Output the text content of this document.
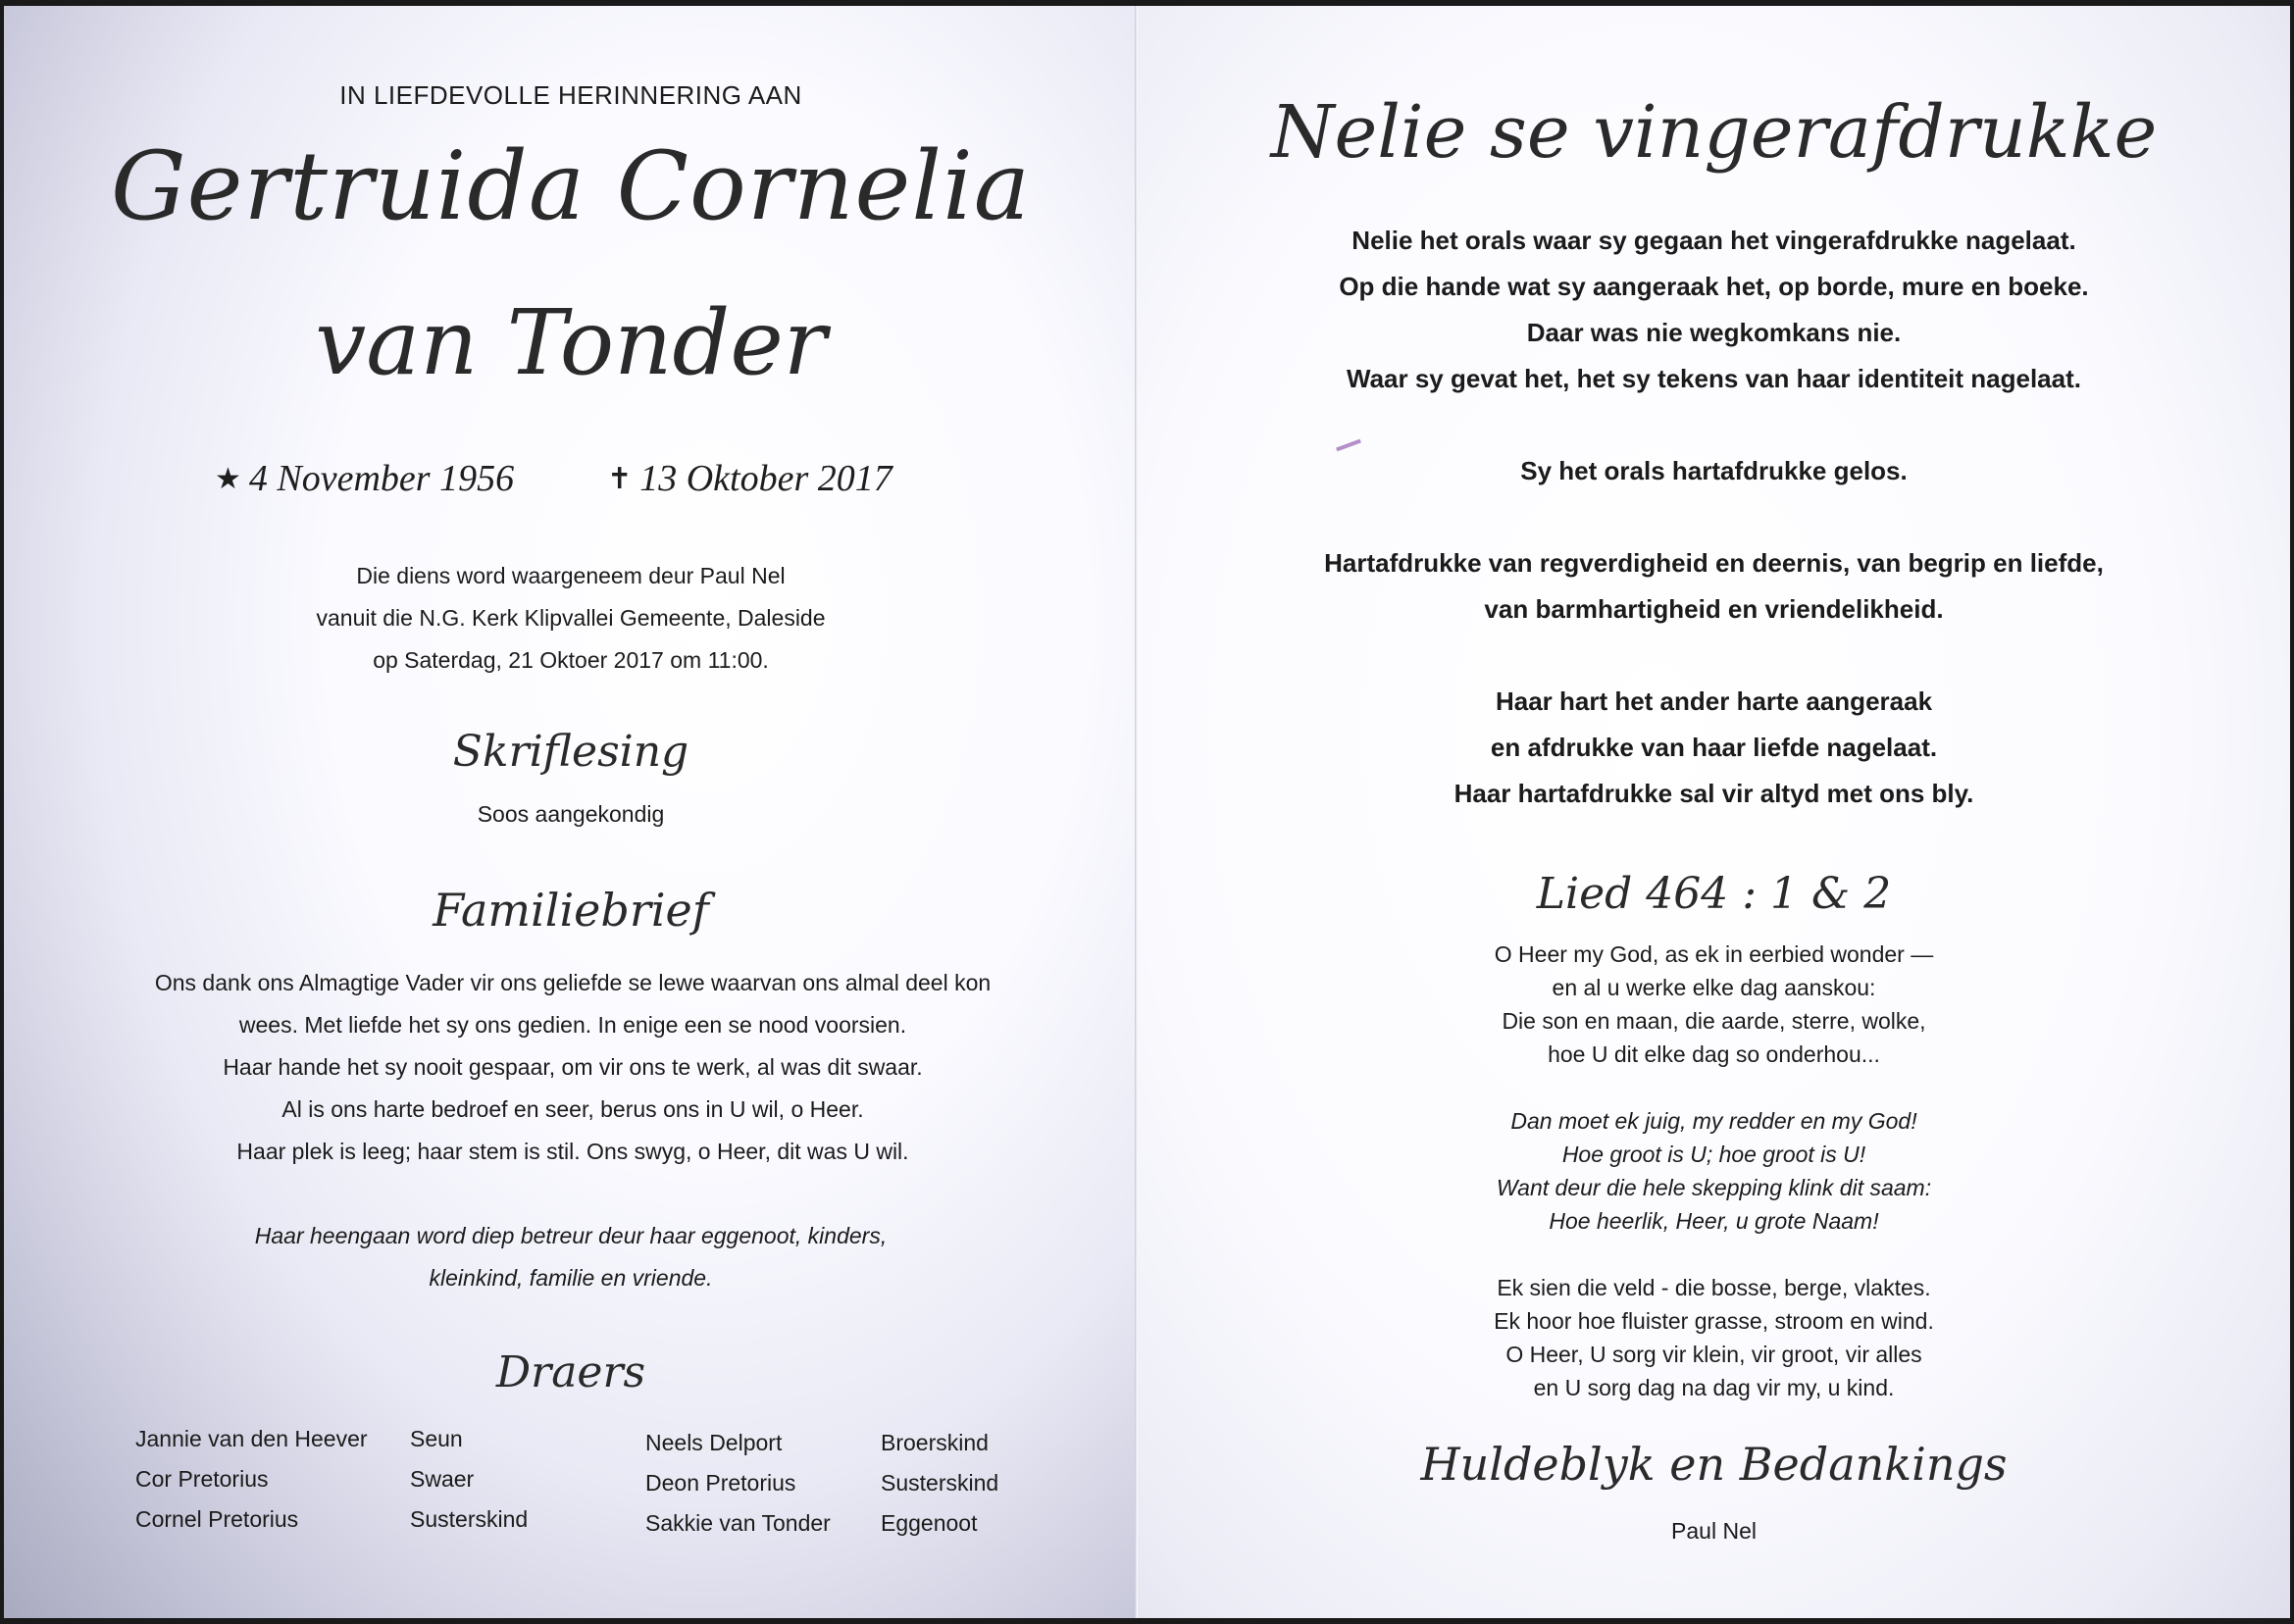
IN LIEFDEVOLLE HERINNERING AAN
Gertruida Cornelia
van Tonder
★ 4 November 1956	✝ 13 Oktober 2017
Die diens word waargeneem deur Paul Nel
vanuit die N.G. Kerk Klipvallei Gemeente, Daleside
op Saterdag, 21 Oktoer 2017 om 11:00.
Skriflesing
Soos aangekondig
Familiebrief
Ons dank ons Almagtige Vader vir ons geliefde se lewe waarvan ons almal deel kon
wees. Met liefde het sy ons gedien. In enige een se nood voorsien.
Haar hande het sy nooit gespaar, om vir ons te werk, al was dit swaar.
Al is ons harte bedroef en seer, berus ons in U wil, o Heer.
Haar plek is leeg; haar stem is stil. Ons swyg, o Heer, dit was U wil.
Haar heengaan word diep betreur deur haar eggenoot, kinders,
kleinkind, familie en vriende.
Draers
Jannie van den Heever
Cor Pretorius
Cornel Pretorius
Seun
Swaer
Susterskind
Neels Delport
Deon Pretorius
Sakkie van Tonder
Broerskind
Susterskind
Eggenoot
Nelie se vingerafdrukke
Nelie het orals waar sy gegaan het vingerafdrukke nagelaat.
Op die hande wat sy aangeraak het, op borde, mure en boeke.
Daar was nie wegkomkans nie.
Waar sy gevat het, het sy tekens van haar identiteit nagelaat.
Sy het orals hartafdrukke gelos.
Hartafdrukke van regverdigheid en deernis, van begrip en liefde,
van barmhartigheid en vriendelikheid.
Haar hart het ander harte aangeraak
en afdrukke van haar liefde nagelaat.
Haar hartafdrukke sal vir altyd met ons bly.
Lied 464 : 1 & 2
O Heer my God, as ek in eerbied wonder —
en al u werke elke dag aanskou:
Die son en maan, die aarde, sterre, wolke,
hoe U dit elke dag so onderhou...
Dan moet ek juig, my redder en my God!
Hoe groot is U; hoe groot is U!
Want deur die hele skepping klink dit saam:
Hoe heerlik, Heer, u grote Naam!
Ek sien die veld - die bosse, berge, vlaktes.
Ek hoor hoe fluister grasse, stroom en wind.
O Heer, U sorg vir klein, vir groot, vir alles
en U sorg dag na dag vir my, u kind.
Huldeblyk en Bedankings
Paul Nel
